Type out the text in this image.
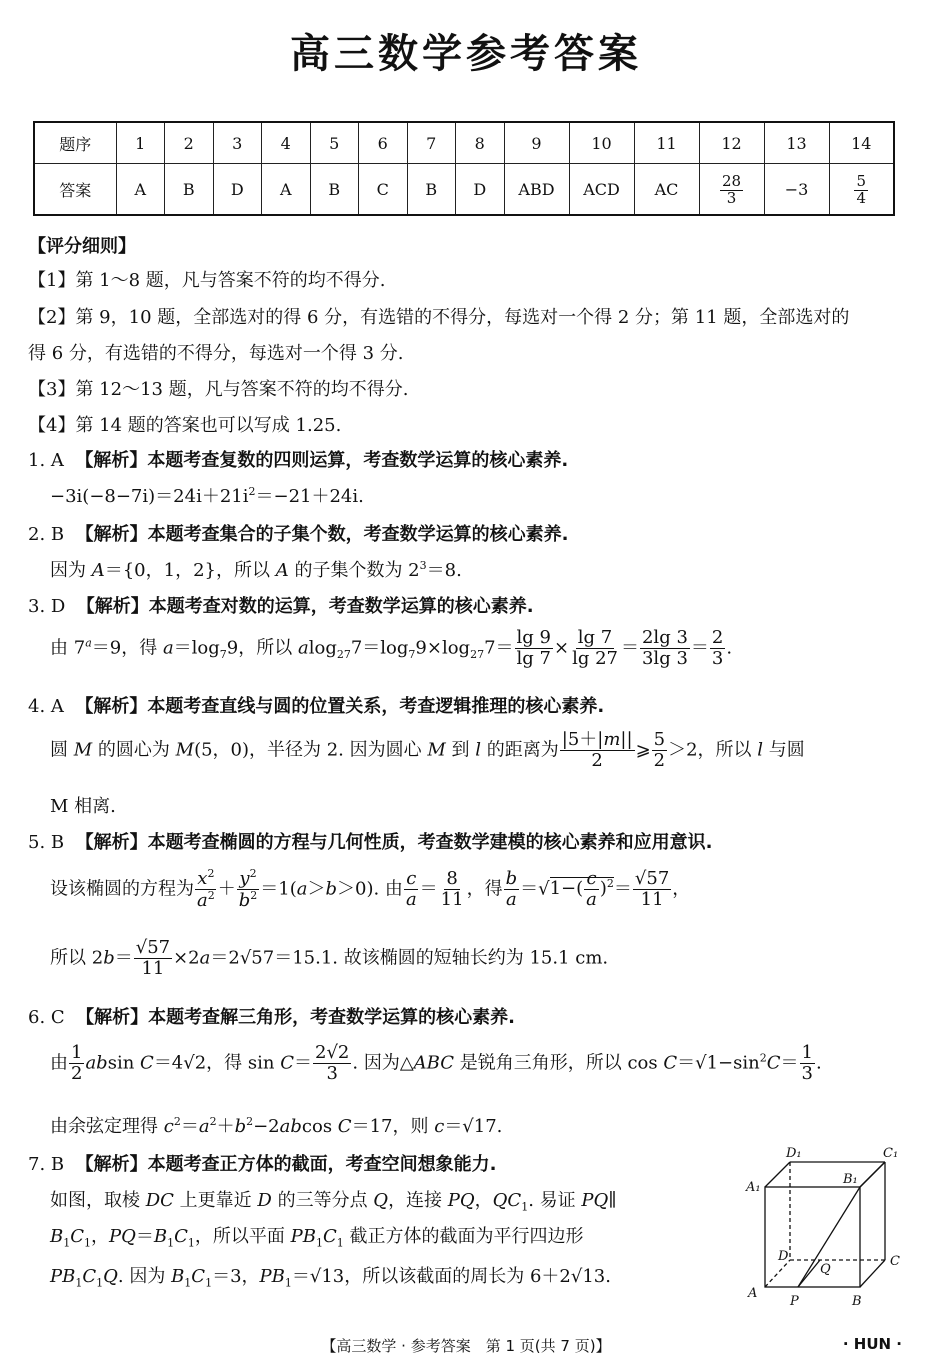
高三数学参考答案
题序	1	2	3	4	5	6	7	8	9	10	11	12	13	14
答案	A	B	D	A	B	C	B	D	ABD	ACD	AC	$\frac{28}{3}$	−3	$\frac{5}{4}$
【评分细则】
【1】第 1～8 题，凡与答案不符的均不得分.
【2】第 9，10 题，全部选对的得 6 分，有选错的不得分，每选对一个得 2 分；第 11 题，全部选对的
得 6 分，有选错的不得分，每选对一个得 3 分.
【3】第 12～13 题，凡与答案不符的均不得分.
【4】第 14 题的答案也可以写成 1.25.
1. A 【解析】本题考查复数的四则运算，考查数学运算的核心素养.
$-3i(-8-7i)=24i+21i^2=-21+24i$.
2. B 【解析】本题考查集合的子集个数，考查数学运算的核心素养.
因为 A＝{0，1，2}，所以 A 的子集个数为 $2^3=8$.
3. D 【解析】本题考查对数的运算，考查数学运算的核心素养.
由 $7^a=9$，得 $a=\log_79$，所以 $alog_{27}7=\log_79\times\log_{27}7= \frac{\lg 9}{\lg 7} \times \frac{\lg 7}{\lg 27} = \frac{2\lg 3}{3\lg 3} = \frac{2}{3}$ .
4. A 【解析】本题考查直线与圆的位置关系，考查逻辑推理的核心素养.
圆 M 的圆心为 M(5，0)，半径为 2. 因为圆心 M 到 l 的距离为 $\frac{|5+|m||}{2}$ ⩾ $\frac{5}{2} >2$，所以 l 与圆
M 相离.
5. B 【解析】本题考查椭圆的方程与几何性质，考查数学建模的核心素养和应用意识.
设该椭圆的方程为 $\frac{x^2}{a^2} + \frac{y^2}{b^2} =1(a>b>0)$. 由 $\frac{c}{a} = \frac{8}{11}$ ，得 $\frac{b}{a} =√1-( \frac{c}{a} )^2= \frac{√57}{11}$ ，
所以 $2b= \frac{√57}{11} \times 2a=2√57=15.1$. 故该椭圆的短轴长约为 15.1 cm.
6. C 【解析】本题考查解三角形，考查数学运算的核心素养.
由 $\frac{1}{2}$ absin C＝4√2，得 $\sin C= \frac{2√2}{3}$ . 因为△ABC 是锐角三角形，所以 $\cos C=√1-\sin^2C= \frac{1}{3}$ .
由余弦定理得 $c^2=a^2+b^2-2abcos$ C＝17，则 c＝√17.
7. B 【解析】本题考查正方体的截面，考查空间想象能力.
如图，取棱 DC 上更靠近 D 的三等分点 Q，连接 PQ，$QC_1$. 易证 PQ∥
$B_1C_1$，$PQ=B_1C_1$，所以平面 $PB_1C_1$ 截正方体的截面为平行四边形
$PB_1C_1Q$. 因为 $B_1C_1=3$，$PB_1=√13$，所以该截面的周长为 6＋2√13.
D₁	C₁
A₁
B₁
D	C
Q
A
P	B
【高三数学 · 参考答案　第 1 页(共 7 页)】	· HUN ·
